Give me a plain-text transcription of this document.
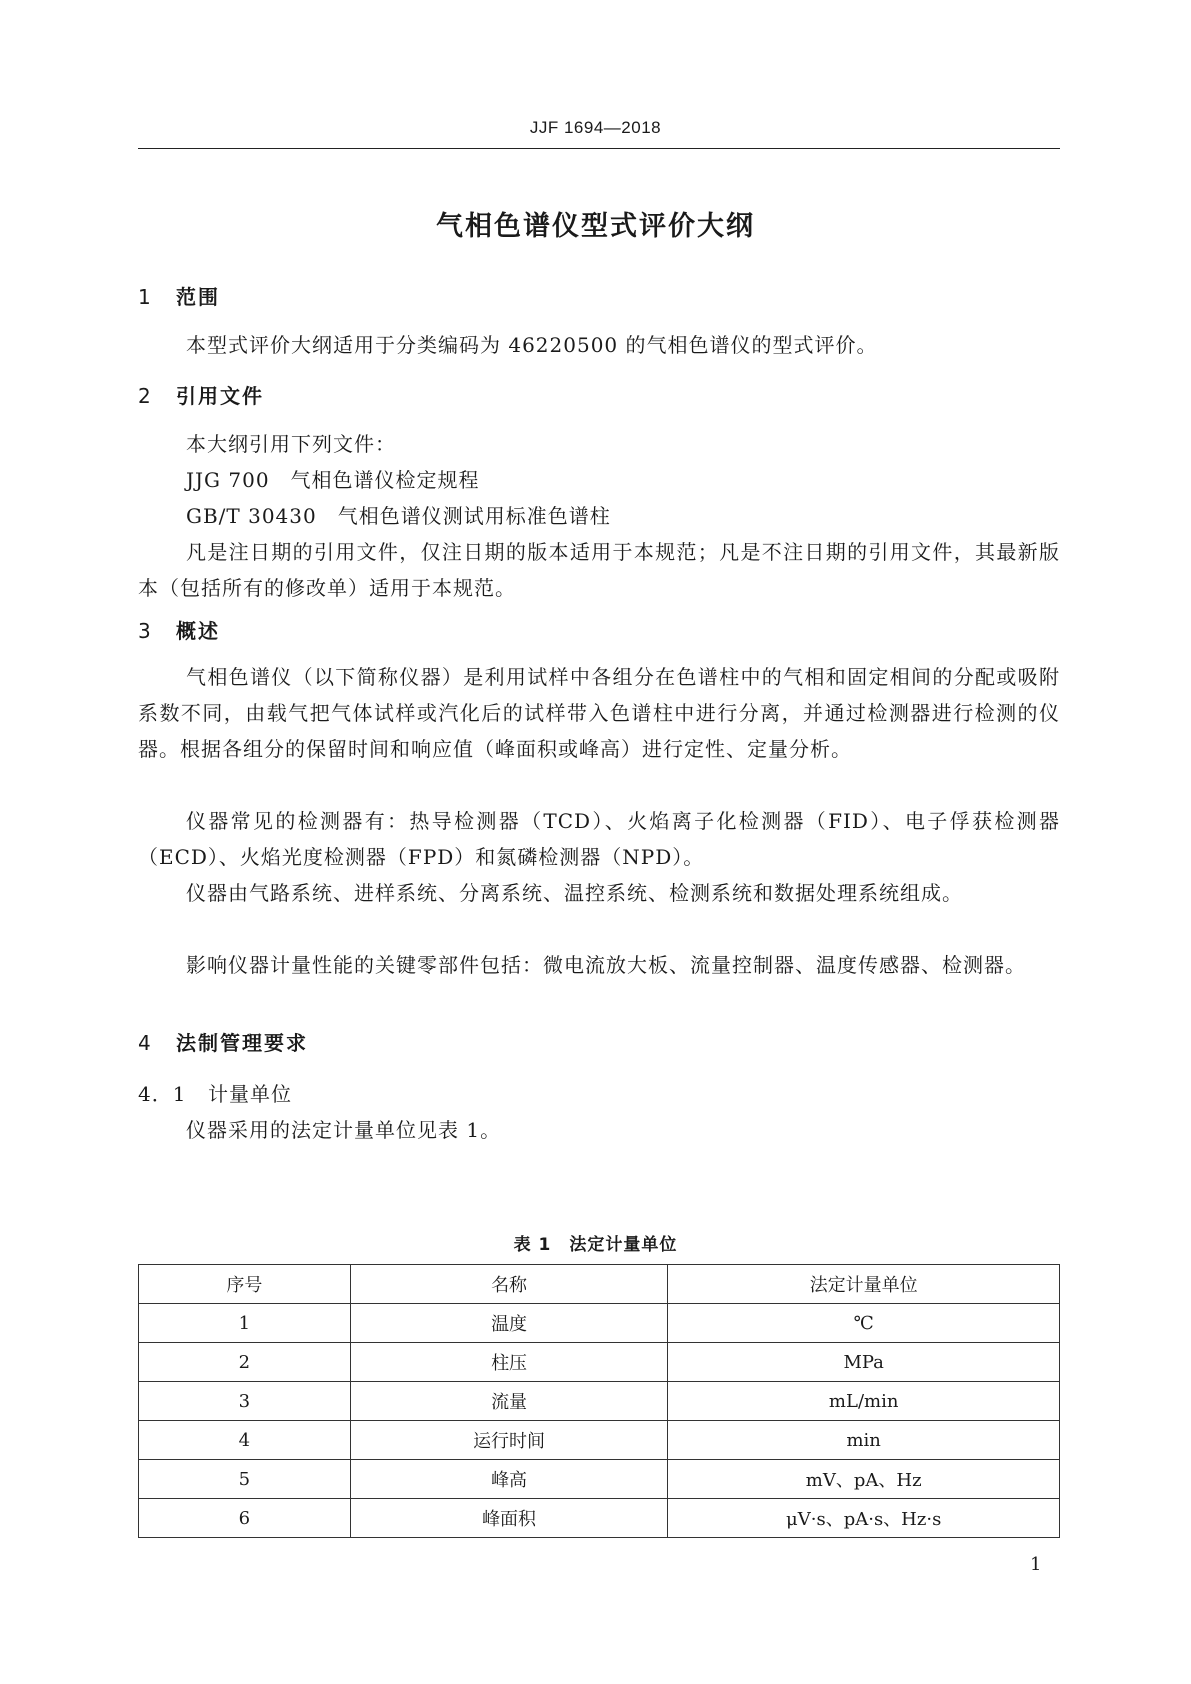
JJF 1694—2018
气相色谱仪型式评价大纲
1 范围
本型式评价大纲适用于分类编码为 46220500 的气相色谱仪的型式评价。
2 引用文件
本大纲引用下列文件：
JJG 700　气相色谱仪检定规程
GB/T 30430　气相色谱仪测试用标准色谱柱
凡是注日期的引用文件，仅注日期的版本适用于本规范；凡是不注日期的引用文件，其最新版本（包括所有的修改单）适用于本规范。
3 概述
气相色谱仪（以下简称仪器）是利用试样中各组分在色谱柱中的气相和固定相间的分配或吸附系数不同，由载气把气体试样或汽化后的试样带入色谱柱中进行分离，并通过检测器进行检测的仪器。根据各组分的保留时间和响应值（峰面积或峰高）进行定性、定量分析。
仪器常见的检测器有：热导检测器（TCD）、火焰离子化检测器（FID）、电子俘获检测器（ECD）、火焰光度检测器（FPD）和氮磷检测器（NPD）。
仪器由气路系统、进样系统、分离系统、温控系统、检测系统和数据处理系统组成。
影响仪器计量性能的关键零部件包括：微电流放大板、流量控制器、温度传感器、检测器。
4 法制管理要求
4．1 计量单位
仪器采用的法定计量单位见表 1。
表 1　法定计量单位
序号	名称	法定计量单位
1	温度	℃
2	柱压	MPa
3	流量	mL/min
4	运行时间	min
5	峰高	mV、pA、Hz
6	峰面积	μV·s、pA·s、Hz·s
1
